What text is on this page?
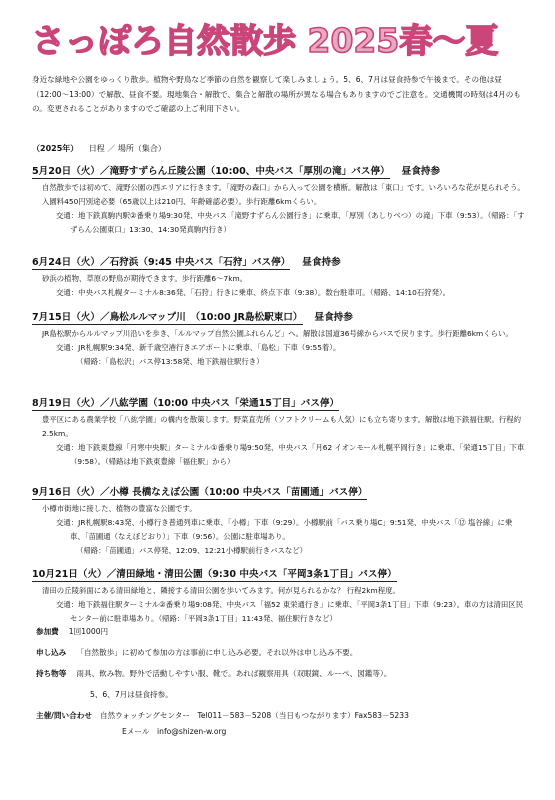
さっぽろ自然散歩 2025春～夏
身近な緑地や公園をゆっくり散歩。植物や野鳥など季節の自然を観察して楽しみましょう。5、6、7月は昼食持参で午後まで。その他は昼（12:00～13:00）で解散、昼食不要。現地集合・解散で、集合と解散の場所が異なる場合もありますのでご注意を。交通機関の時刻は4月のもの。変更されることがありますのでご確認の上ご利用下さい。
（2025年） 日程 ／ 場所（集合）
5月20日（火）／滝野すずらん丘陵公園（10:00、中央バス「厚別の滝」バス停） 昼食持参
自然散歩では初めて、滝野公園の西エリアに行きます。「滝野の森口」から入って公園を横断。解散は「東口」です。いろいろな花が見られそう。入園料450円別途必要（65歳以上は210円、年齢確認必要）。歩行距離6kmくらい。
交通：地下鉄真駒内駅②番乗り場9:30発、中央バス「滝野すずらん公園行き」に乗車、「厚別（あしりべつ）の滝」下車（9:53）。（帰路：「すずらん公園東口」13:30、14:30発真駒内行き）
6月24日（火）／石狩浜（9:45 中央バス「石狩」バス停） 昼食持参
砂浜の植物、草原の野鳥が期待できます。歩行距離6～7km。
交通：中央バス札幌ターミナル8:36発、「石狩」行きに乗車、終点下車（9:38）。数台駐車可。（帰路、14:10石狩発）。
7月15日（火）／鳥松ルルマップ川　（10:00 JR島松駅東口） 昼食持参
JR島松駅からルルマップ川沿いを歩き、「ルルマップ自然公園ふれらんど」へ。解散は国道36号線からバスで戻ります。歩行距離6kmくらい。
交通：JR札幌駅9:34発、新千歳空港行きエアポートに乗車、「島松」下車（9:55着）。
（帰路：「島松沢」バス停13:58発、地下鉄福住駅行き）
8月19日（火）／八紘学園（10:00 中央バス「栄通15丁目」バス停）
豊平区にある農業学校「八紘学園」の構内を散策します。野菜直売所（ソフトクリームも人気）にも立ち寄ります。解散は地下鉄福住駅。行程約2.5km。
交通：地下鉄東豊線「月寒中央駅」ターミナル①番乗り場9:50発、中央バス「月62 イオンモール札幌平岡行き」に乗車、「栄通15丁目」下車（9:58）。（帰路は地下鉄東豊線「福住駅」から）
9月16日（火）／小樽 長橋なえぼ公園（10:00 中央バス「苗圃通」バス停）
小樽市街地に接した、植物の豊富な公園です。
交通：JR札幌駅8:43発、小樽行き普通列車に乗車、「小樽」下車（9:29）。小樽駅前「バス乗り場C」9:51発、中央バス「⑫ 塩谷線」に乗車、「苗圃通（なえぼどおり）」下車（9:56）。公園に駐車場あり。
（帰路：「苗圃通」バス停発、12:09、12:21小樽駅前行きバスなど）
10月21日（火）／清田緑地・清田公園（9:30 中央バス「平岡3条1丁目」バス停）
清田の丘陵斜面にある清田緑地と、隣接する清田公園を歩いてみます。何が見られるかな？ 行程2km程度。
交通：地下鉄福住駅ターミナル②番乗り場9:08発、中央バス「福52 東栄通行き」に乗車、「平岡3条1丁目」下車（9:23）。車の方は清田区民センター前に駐車場あり。（帰路：「平岡3条1丁目」11:43発、福住駅行きなど）
参加費 1回1000円
申し込み 「自然散歩」に初めて参加の方は事前に申し込み必要。それ以外は申し込み不要。
持ち物等 雨具、飲み物。野外で活動しやすい服、靴で。あれば観察用具（双眼鏡、ルーペ、図鑑等）。
5、6、7月は昼食持参。
主催/問い合わせ 自然ウォッチングセンター　Tel011－583－5208（当日もつながります）Fax583－5233
Eメール　info@shizen-w.org
